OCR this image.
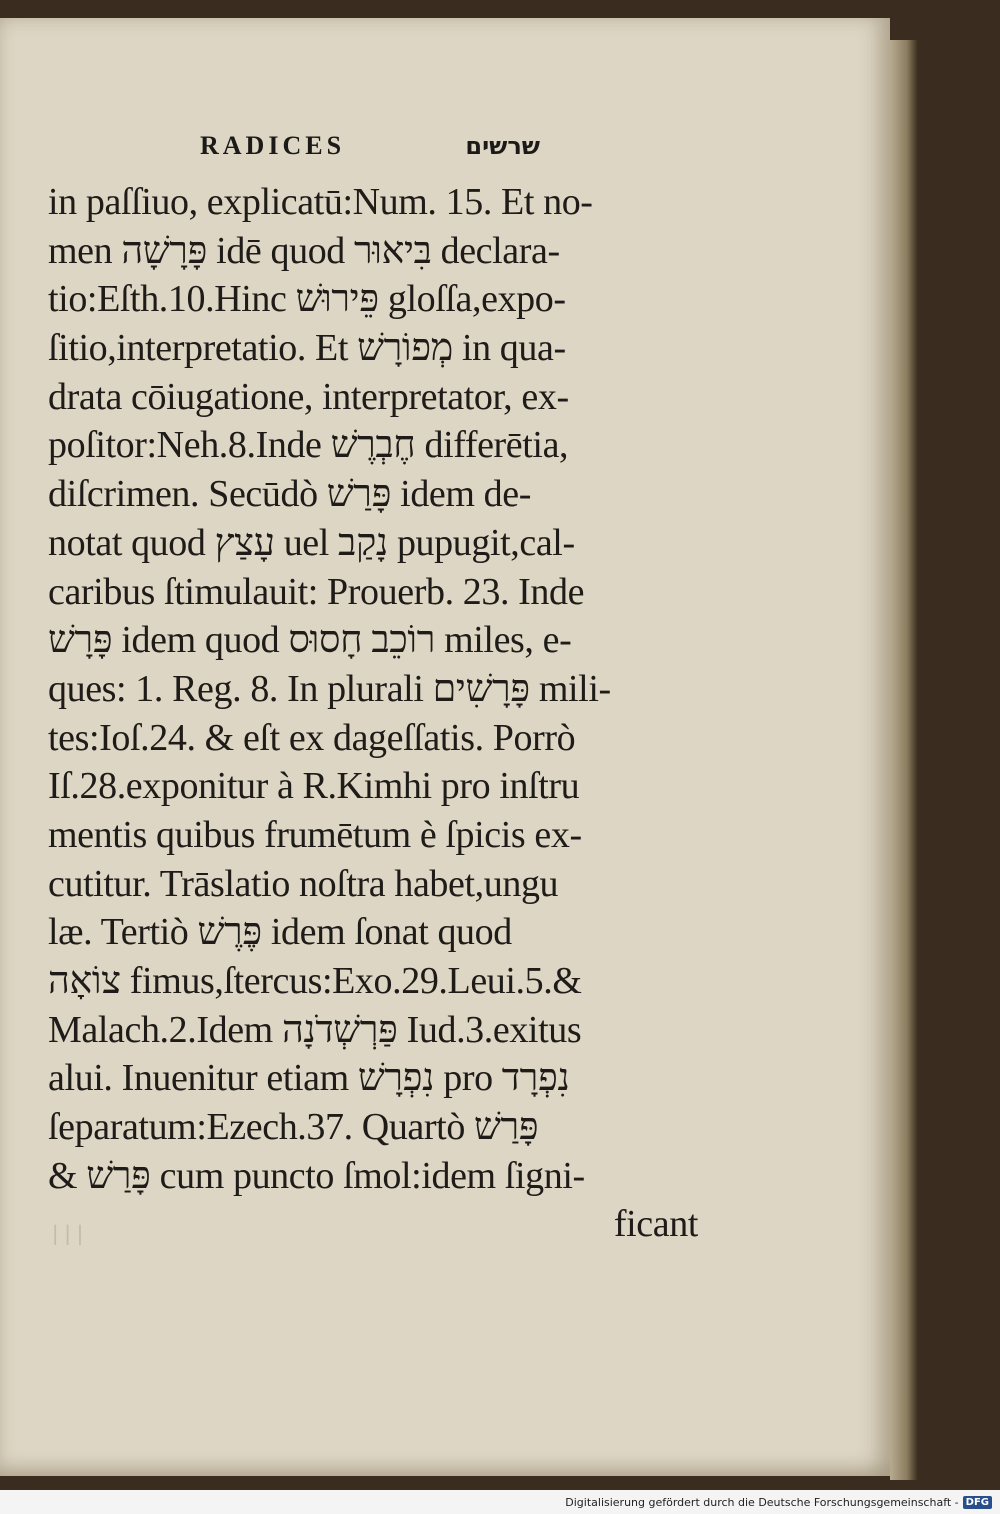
RADICES	שרשים
in paſſiuo, explicatū:Num. 15. Et no-
men פָּרָשָׁה idē quod בִּיאוּר declara-
tio:Eſth.10.Hinc פֵּירוּשׁ gloſſa,expo-
ſitio,interpretatio. Et מְפוֹרָשׁ in qua-
drata cōiugatione, interpretator, ex-
poſitor:Neh.8.Inde חֶבְרֶשׁ differētia,
diſcrimen. Secūdò פָּרַשׁ idem de-
notat quod עָצַץ uel נָקַב pupugit,cal-
caribus ſtimulauit: Prouerb. 23. Inde
פָּרָשׁ idem quod רוֹכֵב חָסוּס miles, e-
ques: 1. Reg. 8. In plurali פָּרָשִׁים mili-
tes:Ioſ.24. & eſt ex dageſſatis. Porrò
Iſ.28.exponitur à R.Kimhi pro inſtru
mentis quibus frumētum è ſpicis ex-
cutitur. Trāslatio noſtra habet,ungu
læ. Tertiò פֶּרֶשׁ idem ſonat quod
צוֹאָה fimus,ſtercus:Exo.29.Leui.5.&
Malach.2.Idem פַּרְשְׁדֹנָה Iud.3.exitus
alui. Inuenitur etiam נִפְרָשׁ pro נִפְרָד
ſeparatum:Ezech.37. Quartò פָּרַשׁ
& פָּרַשׁ cum puncto ſmol:idem ſigni-
ficant
∣∣∣
Digitalisierung gefördert durch die Deutsche Forschungsgemeinschaft - DFG
